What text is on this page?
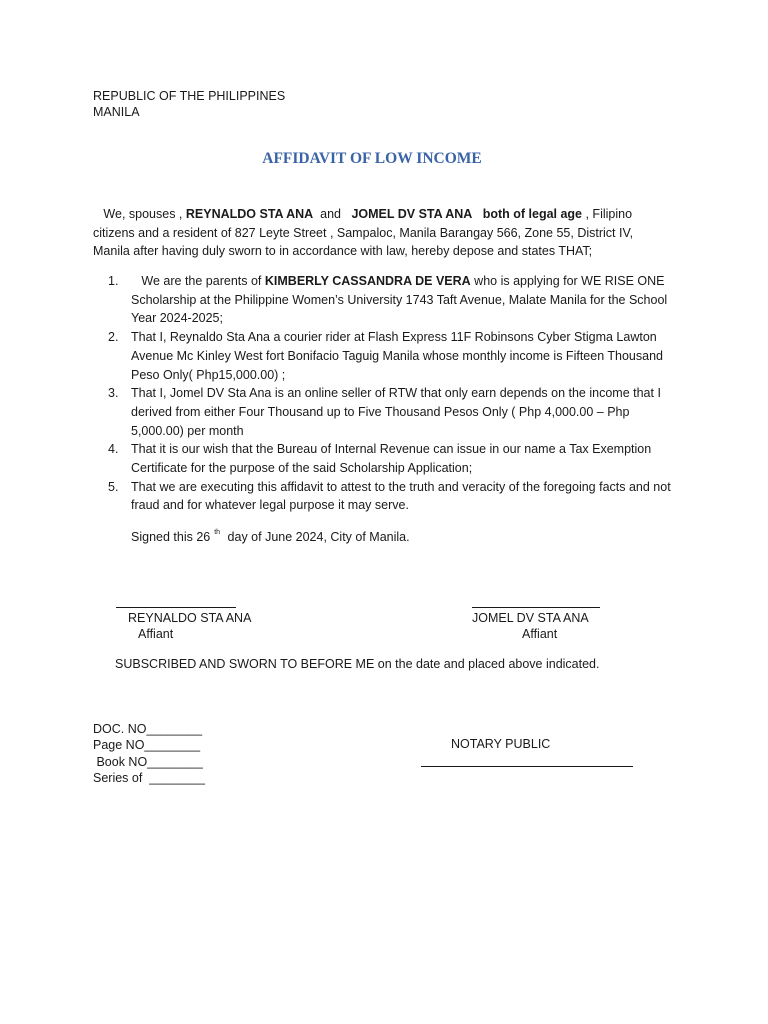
REPUBLIC OF THE PHILIPPINES
MANILA
AFFIDAVIT OF LOW INCOME
We, spouses , REYNALDO STA ANA  and   JOMEL DV STA ANA both of legal age , Filipino citizens and a resident of 827 Leyte Street , Sampaloc, Manila Barangay 566, Zone 55, District IV, Manila after having duly sworn to in accordance with law, hereby depose and states THAT;

1. We are the parents of KIMBERLY CASSANDRA DE VERA who is applying for WE RISE ONE Scholarship at the Philippine Women’s University 1743 Taft Avenue, Malate Manila for the School Year 2024-2025;

2. That I, Reynaldo Sta Ana a courier rider at Flash Express 11F Robinsons Cyber Stigma Lawton Avenue Mc Kinley West fort Bonifacio Taguig Manila whose monthly income is Fifteen Thousand Peso Only( Php15,000.00) ;

3. That I, Jomel DV Sta Ana is an online seller of RTW that only earn depends on the income that I derived from either Four Thousand up to Five Thousand Pesos Only ( Php 4,000.00 – Php 5,000.00) per month

4. That it is our wish that the Bureau of Internal Revenue can issue in our name a Tax Exemption Certificate for the purpose of the said Scholarship Application;

5. That we are executing this affidavit to attest to the truth and veracity of the foregoing facts and not fraud and for whatever legal purpose it may serve.

Signed this 26 $^{th}$ day of June 2024, City of Manila.
REYNALDO STA ANA
Affiant
JOMEL DV STA ANA
Affiant
SUBSCRIBED AND SWORN TO BEFORE ME on the date and placed above indicated.
DOC. NO________
Page NO________
Book NO________
Series of  ________
NOTARY PUBLIC
